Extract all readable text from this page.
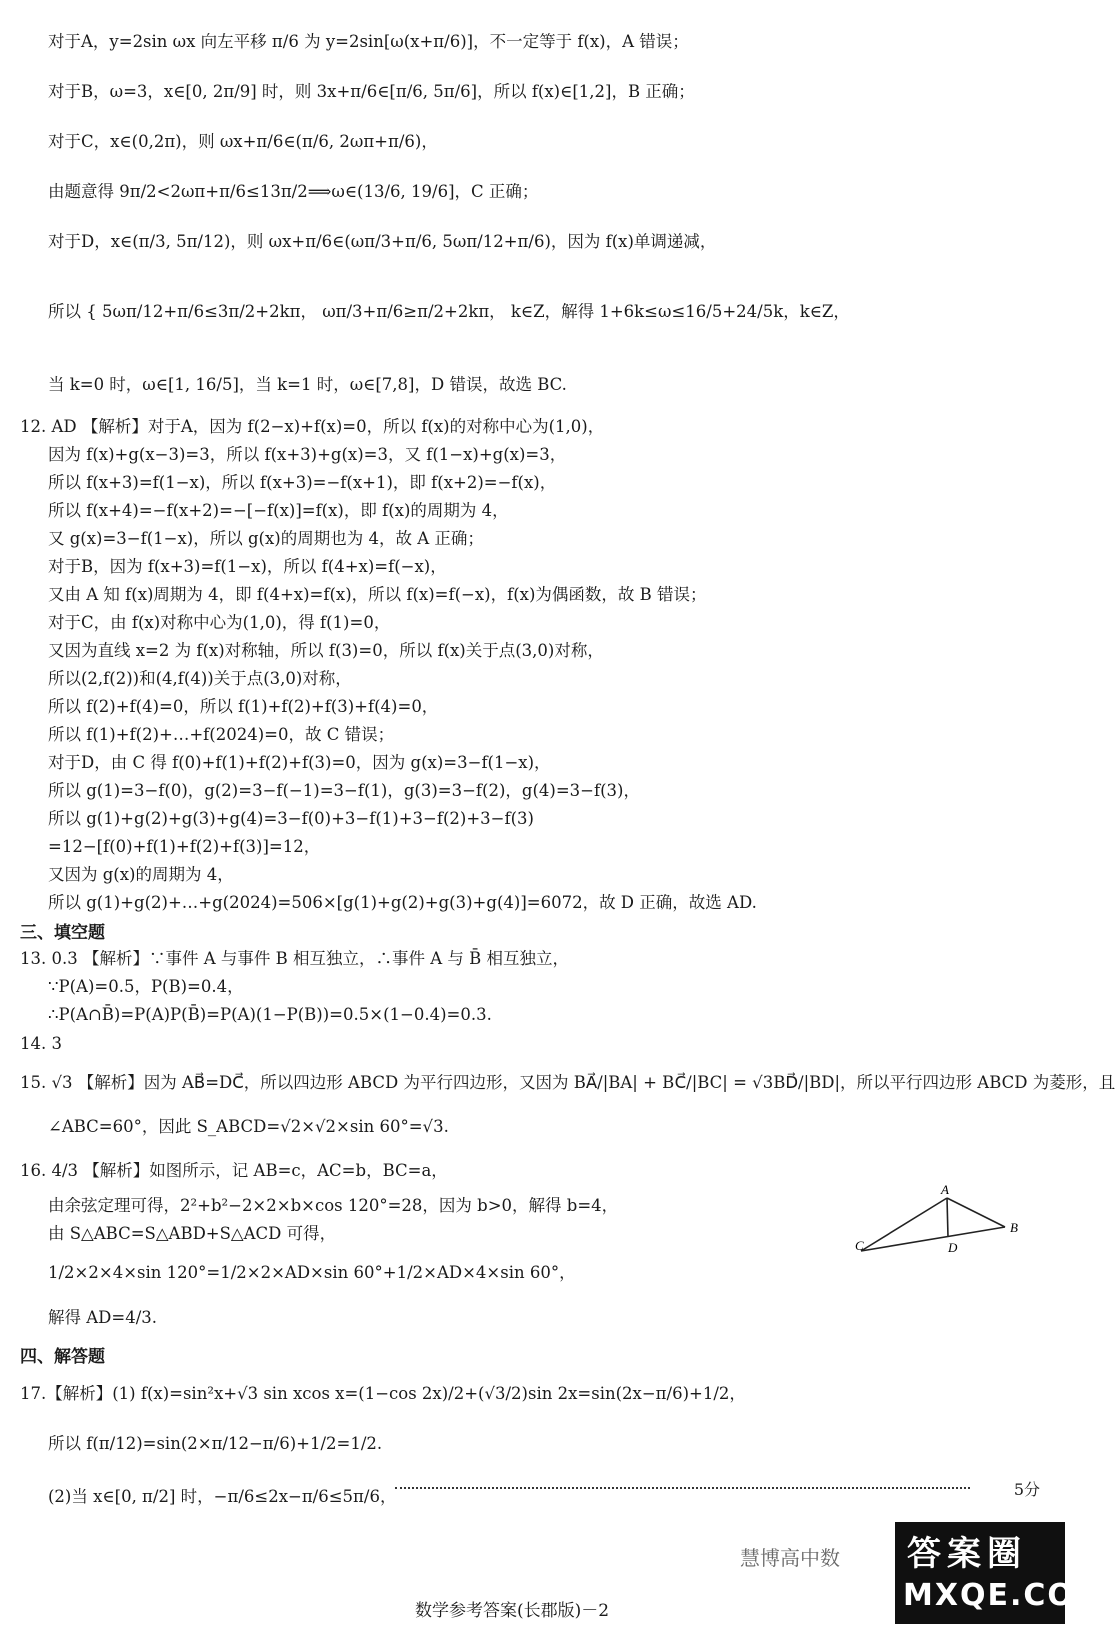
对于A，y=2sin ωx 向左平移 π/6 为 y=2sin[ω(x+π/6)]，不一定等于 f(x)，A 错误；
对于B，ω=3，x∈[0, 2π/9] 时，则 3x+π/6∈[π/6, 5π/6]，所以 f(x)∈[1,2]，B 正确；
对于C，x∈(0,2π)，则 ωx+π/6∈(π/6, 2ωπ+π/6)，
由题意得 9π/2<2ωπ+π/6≤13π/2⟹ω∈(13/6, 19/6]，C 正确；
对于D，x∈(π/3, 5π/12)，则 ωx+π/6∈(ωπ/3+π/6, 5ωπ/12+π/6)，因为 f(x)单调递减，
所以 { 5ωπ/12+π/6≤3π/2+2kπ， ωπ/3+π/6≥π/2+2kπ， k∈Z，解得 1+6k≤ω≤16/5+24/5k，k∈Z，
当 k=0 时，ω∈[1, 16/5]，当 k=1 时，ω∈[7,8]，D 错误，故选 BC.
12. AD 【解析】对于A，因为 f(2−x)+f(x)=0，所以 f(x)的对称中心为(1,0)，
因为 f(x)+g(x−3)=3，所以 f(x+3)+g(x)=3，又 f(1−x)+g(x)=3，
所以 f(x+3)=f(1−x)，所以 f(x+3)=−f(x+1)，即 f(x+2)=−f(x)，
所以 f(x+4)=−f(x+2)=−[−f(x)]=f(x)，即 f(x)的周期为 4，
又 g(x)=3−f(1−x)，所以 g(x)的周期也为 4，故 A 正确；
对于B，因为 f(x+3)=f(1−x)，所以 f(4+x)=f(−x)，
又由 A 知 f(x)周期为 4，即 f(4+x)=f(x)，所以 f(x)=f(−x)，f(x)为偶函数，故 B 错误；
对于C，由 f(x)对称中心为(1,0)，得 f(1)=0，
又因为直线 x=2 为 f(x)对称轴，所以 f(3)=0，所以 f(x)关于点(3,0)对称，
所以(2,f(2))和(4,f(4))关于点(3,0)对称，
所以 f(2)+f(4)=0，所以 f(1)+f(2)+f(3)+f(4)=0，
所以 f(1)+f(2)+…+f(2024)=0，故 C 错误；
对于D，由 C 得 f(0)+f(1)+f(2)+f(3)=0，因为 g(x)=3−f(1−x)，
所以 g(1)=3−f(0)，g(2)=3−f(−1)=3−f(1)，g(3)=3−f(2)，g(4)=3−f(3)，
所以 g(1)+g(2)+g(3)+g(4)=3−f(0)+3−f(1)+3−f(2)+3−f(3)
=12−[f(0)+f(1)+f(2)+f(3)]=12，
又因为 g(x)的周期为 4，
所以 g(1)+g(2)+…+g(2024)=506×[g(1)+g(2)+g(3)+g(4)]=6072，故 D 正确，故选 AD.
三、填空题
13. 0.3 【解析】∵事件 A 与事件 B 相互独立，∴事件 A 与 B̄ 相互独立，
∵P(A)=0.5，P(B)=0.4，
∴P(A∩B̄)=P(A)P(B̄)=P(A)(1−P(B))=0.5×(1−0.4)=0.3.
14. 3
15. √3 【解析】因为 AB⃗=DC⃗，所以四边形 ABCD 为平行四边形，又因为 BA⃗/|BA| + BC⃗/|BC| = √3BD⃗/|BD|，所以平行四边形 ABCD 为菱形，且
∠ABC=60°，因此 S_ABCD=√2×√2×sin 60°=√3.
16. 4/3 【解析】如图所示，记 AB=c，AC=b，BC=a，
由余弦定理可得，2²+b²−2×2×b×cos 120°=28，因为 b>0，解得 b=4，
由 S△ABC=S△ABD+S△ACD 可得，
1/2×2×4×sin 120°=1/2×2×AD×sin 60°+1/2×AD×4×sin 60°，
解得 AD=4/3.
四、解答题
17.【解析】(1) f(x)=sin²x+√3 sin xcos x=(1−cos 2x)/2+(√3/2)sin 2x=sin(2x−π/6)+1/2，
所以 f(π/12)=sin(2×π/12−π/6)+1/2=1/2.
5分
(2)当 x∈[0, π/2] 时，−π/6≤2x−π/6≤5π/6，
A
B
D
C
慧博高中数
数学参考答案(长郡版)－2
答案圈
MXQE.COM
